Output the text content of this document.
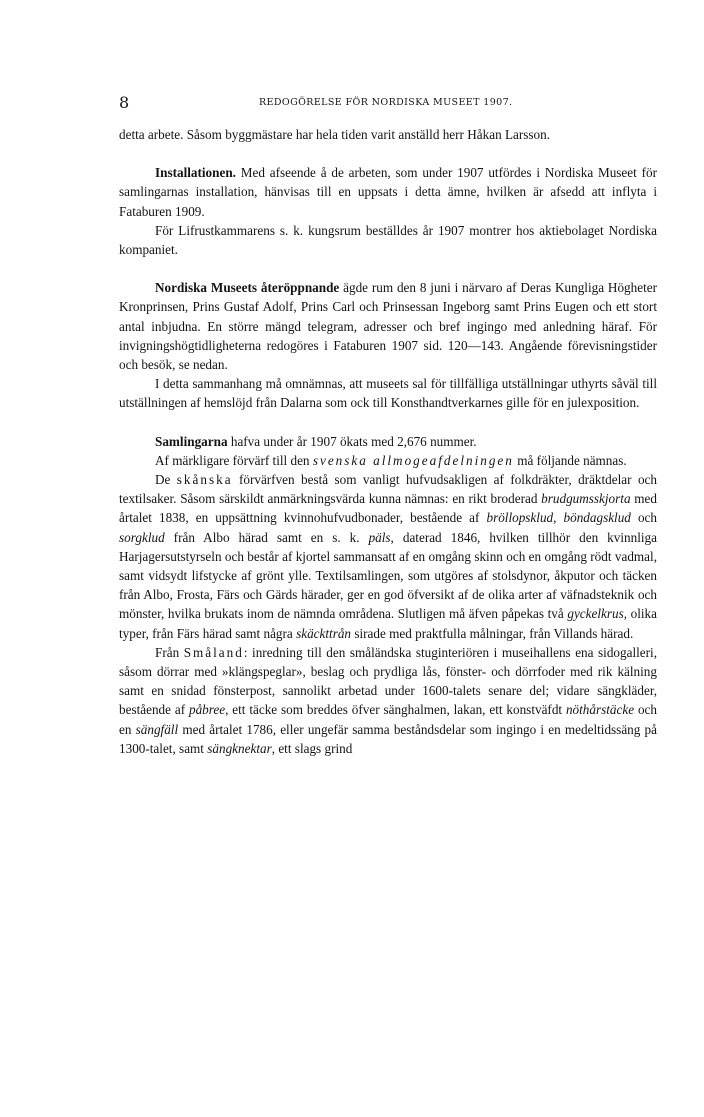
8	REDOGÖRELSE FÖR NORDISKA MUSEET 1907.

detta arbete. Såsom byggmästare har hela tiden varit anställd herr Håkan Larsson.

Installationen. Med afseende å de arbeten, som under 1907 utfördes i Nordiska Museet för samlingarnas installation, hänvisas till en uppsats i detta ämne, hvilken är afsedd att inflyta i Fataburen 1909.

För Lifrustkammarens s. k. kungsrum beställdes år 1907 montrer hos aktiebolaget Nordiska kompaniet.

Nordiska Museets återöppnande ägde rum den 8 juni i närvaro af Deras Kungliga Högheter Kronprinsen, Prins Gustaf Adolf, Prins Carl och Prinsessan Ingeborg samt Prins Eugen och ett stort antal inbjudna. En större mängd telegram, adresser och bref ingingo med anledning häraf. För invigningshögtidligheterna redogöres i Fataburen 1907 sid. 120—143. Angående förevisningstider och besök, se nedan.

I detta sammanhang må omnämnas, att museets sal för tillfälliga utställningar uthyrts såväl till utställningen af hemslöjd från Dalarna som ock till Konsthandtverkarnes gille för en julexposition.

Samlingarna hafva under år 1907 ökats med 2,676 nummer.

Af märkligare förvärf till den svenska allmogeafdelningen må följande nämnas.

De skånska förvärfven bestå som vanligt hufvudsakligen af folkdräkter, dräktdelar och textilsaker. Såsom särskildt anmärkningsvärda kunna nämnas: en rikt broderad brudgumsskjorta med årtalet 1838, en uppsättning kvinnohufvudbonader, bestående af bröllopsklud, böndagsklud och sorgklud från Albo härad samt en s. k. päls, daterad 1846, hvilken tillhör den kvinnliga Harjagersutstyrseln och består af kjortel sammansatt af en omgång skinn och en omgång rödt vadmal, samt vidsydt lifstycke af grönt ylle. Textilsamlingen, som utgöres af stolsdynor, åkputor och täcken från Albo, Frosta, Färs och Gärds härader, ger en god öfversikt af de olika arter af väfnadsteknik och mönster, hvilka brukats inom de nämnda områdena. Slutligen må äfven påpekas två gyckelkrus, olika typer, från Färs härad samt några skäckttrån sirade med praktfulla målningar, från Villands härad.

Från Småland: inredning till den småländska stuginteriören i museihallens ena sidogalleri, såsom dörrar med »klängspeglar», beslag och prydliga lås, fönster- och dörrfoder med rik kälning samt en snidad fönsterpost, sannolikt arbetad under 1600-talets senare del; vidare sängkläder, bestående af påbree, ett täcke som breddes öfver sänghalmen, lakan, ett konstväfdt nöthårstäcke och en sängfäll med årtalet 1786, eller ungefär samma beståndsdelar som ingingo i en medeltidssäng på 1300-talet, samt sängknektar, ett slags grind
